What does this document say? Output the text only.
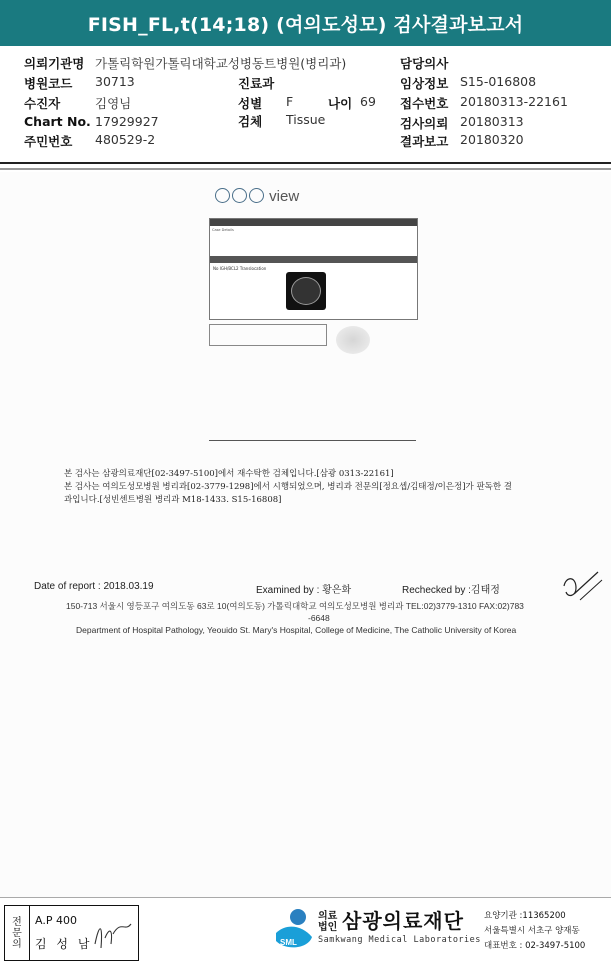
FISH_FL,t(14;18) (여의도성모) 검사결과보고서
의뢰기관명 가톨릭학원가톨릭대학교성병동트병원(병리과)	담당의사
병원코드 30713	진료과	임상정보 S15-016808
수진자	김영님	성별 F	나이 69 접수번호 20180313-22161
Chart No. 17929927	검체 Tissue	검사의뢰 20180313
주민번호 480529-2	결과보고 20180320
view
Case Details
No IGH/BCL2 Translocation
본 검사는 삼광의료재단[02-3497-5100]에서 재수탁한 검체입니다.[삼광 0313-22161]
본 검사는 여의도성모병원 병리과[02-3779-1298]에서 시행되었으며, 병리과 전문의[정요셉/김태정/이은정]가 판독한 결
과입니다.[성빈센트병원 병리과 M18-1433. S15-16808]
Date of report : 2018.03.19	Examined by : 황은화	Rechecked by :김태정
150-713 서울시 영등포구 여의도동 63로 10(여의도동) 가톨릭대학교 여의도성모병원 병리과 TEL:02)3779-1310 FAX:02)783
-6648
Department of Hospital Pathology, Yeouido St. Mary's Hospital, College of Medicine, The Catholic University of Korea
전
문
의
A.P 400
김 성 남	SML
의료
법인 삼광의료재단
Samkwang Medical Laboratories
요양기관 :11365200
서울특별시 서초구 양재동
대표번호 : 02-3497-5100
